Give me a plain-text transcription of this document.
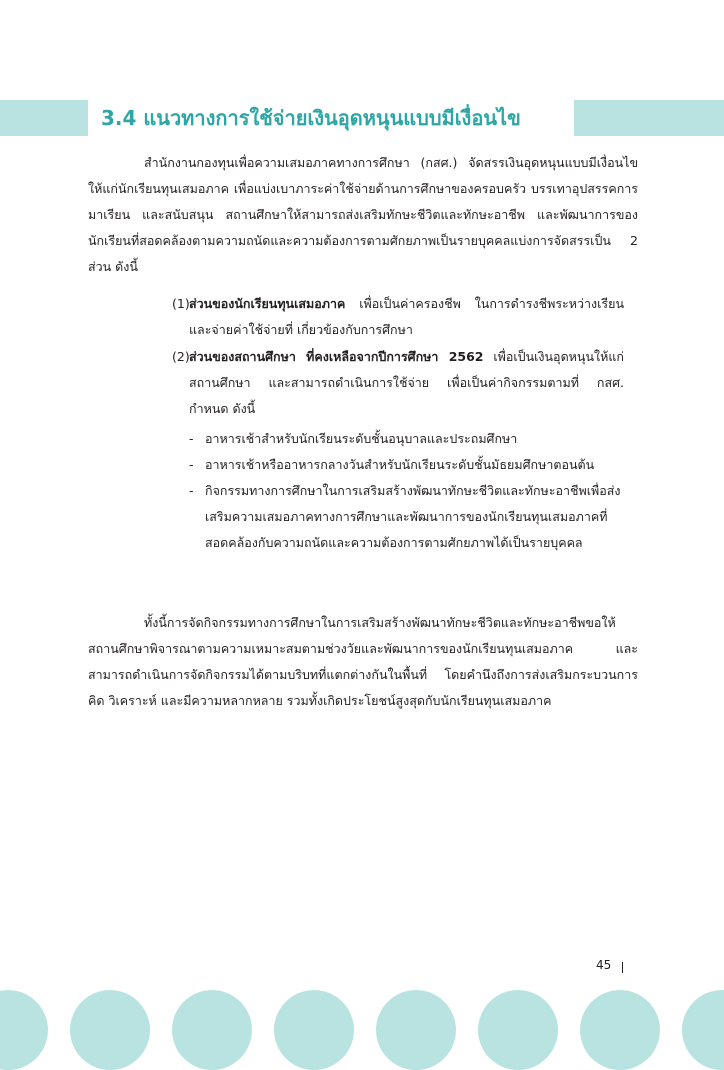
3.4 แนวทางการใช้จ่ายเงินอุดหนุนแบบมีเงื่อนไข
สำนักงานกองทุนเพื่อความเสมอภาคทางการศึกษา (กสศ.) จัดสรรเงินอุดหนุนแบบมีเงื่อนไขให้แก่นักเรียนทุนเสมอภาค เพื่อแบ่งเบาภาระค่าใช้จ่ายด้านการศึกษาของครอบครัว บรรเทาอุปสรรคการมาเรียน และสนับสนุน สถานศึกษาให้สามารถส่งเสริมทักษะชีวิตและทักษะอาชีพ และพัฒนาการของนักเรียนที่สอดคล้องตามความถนัดและความต้องการตามศักยภาพเป็นรายบุคคลแบ่งการจัดสรรเป็น 2 ส่วน ดังนี้
(1) ส่วนของนักเรียนทุนเสมอภาค เพื่อเป็นค่าครองชีพ ในการดำรงชีพระหว่างเรียน และจ่ายค่าใช้จ่ายที่ เกี่ยวข้องกับการศึกษา
(2) ส่วนของสถานศึกษา ที่คงเหลือจากปีการศึกษา 2562 เพื่อเป็นเงินอุดหนุนให้แก่สถานศึกษา และสามารถดำเนินการใช้จ่าย เพื่อเป็นค่ากิจกรรมตามที่ กสศ. กำหนด ดังนี้
- อาหารเช้าสำหรับนักเรียนระดับชั้นอนุบาลและประถมศึกษา
- อาหารเช้าหรืออาหารกลางวันสำหรับนักเรียนระดับชั้นมัธยมศึกษาตอนต้น
- กิจกรรมทางการศึกษาในการเสริมสร้างพัฒนาทักษะชีวิตและทักษะอาชีพเพื่อส่งเสริมความเสมอภาคทางการศึกษาและพัฒนาการของนักเรียนทุนเสมอภาคที่สอดคล้องกับความถนัดและความต้องการตามศักยภาพได้เป็นรายบุคคล
ทั้งนี้การจัดกิจกรรมทางการศึกษาในการเสริมสร้างพัฒนาทักษะชีวิตและทักษะอาชีพขอให้สถานศึกษาพิจารณาตามความเหมาะสมตามช่วงวัยและพัฒนาการของนักเรียนทุนเสมอภาค และสามารถดำเนินการจัดกิจกรรมได้ตามบริบทที่แตกต่างกันในพื้นที่ โดยคำนึงถึงการส่งเสริมกระบวนการคิด วิเคราะห์ และมีความหลากหลาย รวมทั้งเกิดประโยชน์สูงสุดกับนักเรียนทุนเสมอภาค
45
